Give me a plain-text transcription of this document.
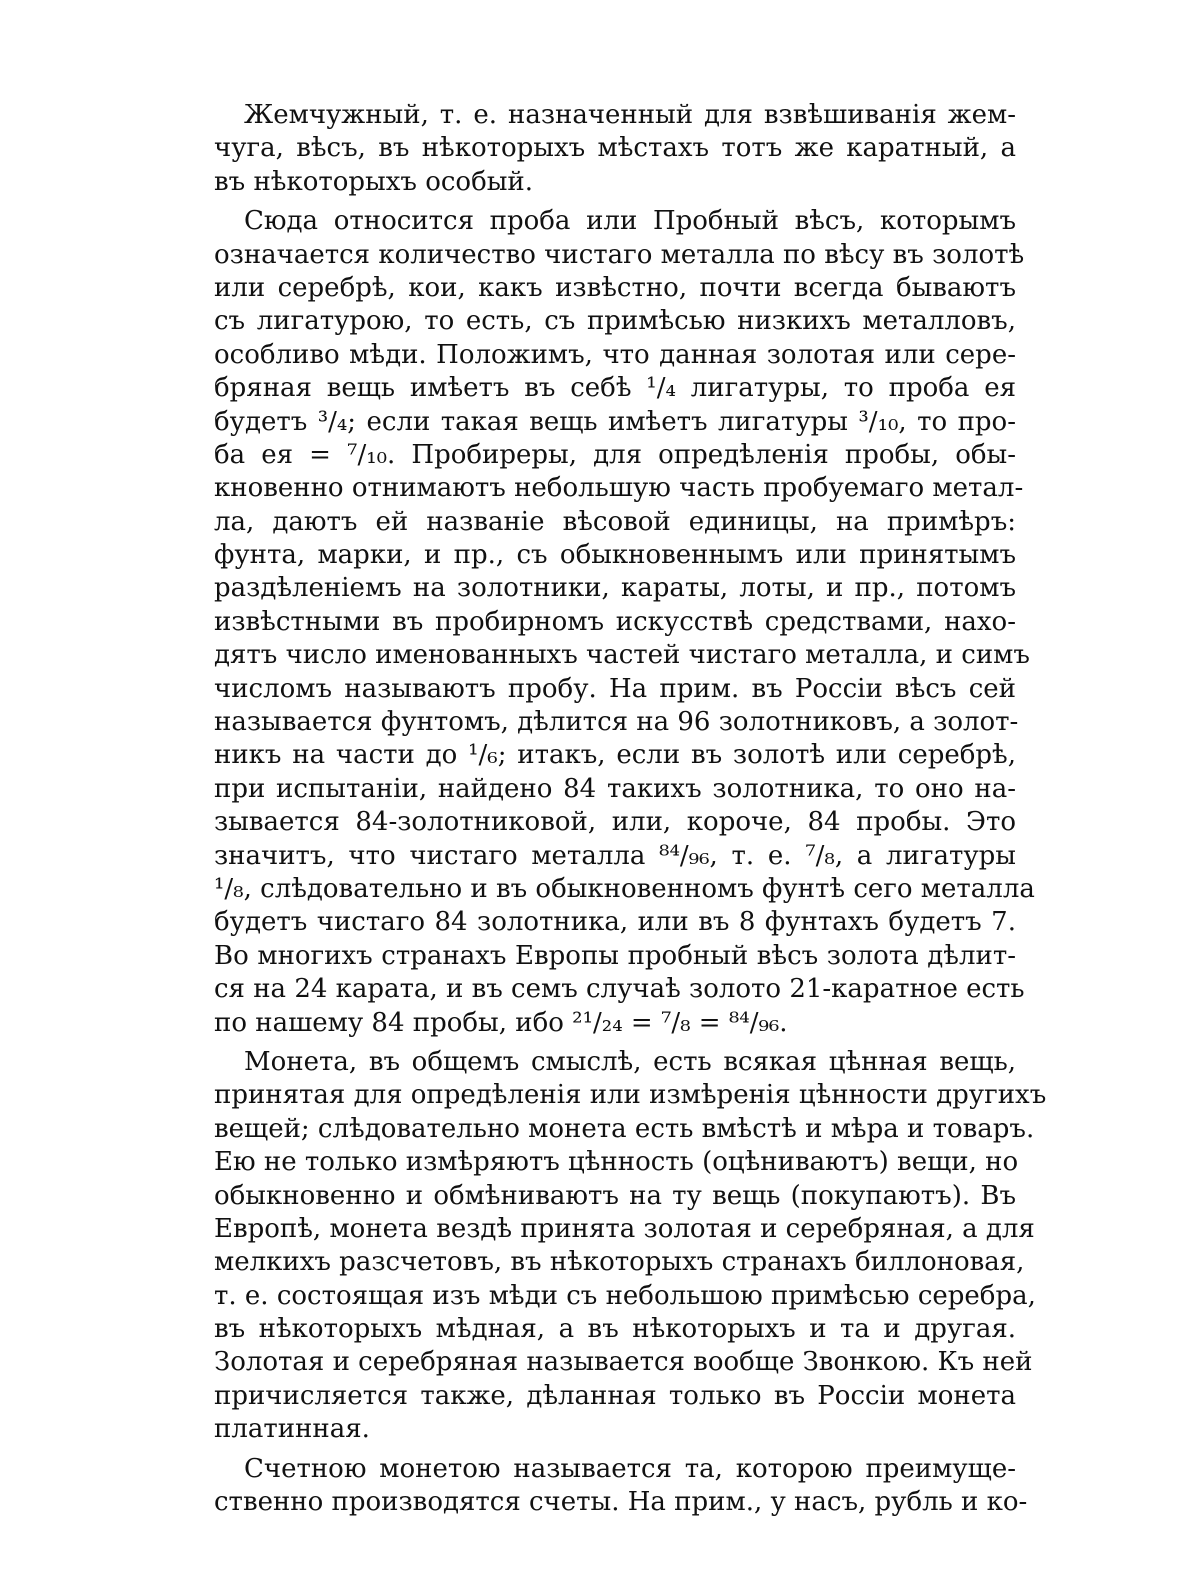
Жемчужный, т. е. назначенный для взвѣшиванія жем-
чуга, вѣсъ, въ нѣкоторыхъ мѣстахъ тотъ же каратный, а
въ нѣкоторыхъ особый.
Сюда относится проба или Пробный вѣсъ, которымъ
означается количество чистаго металла по вѣсу въ золотѣ
или серебрѣ, кои, какъ извѣстно, почти всегда бываютъ
съ лигатурою, то есть, съ примѣсью низкихъ металловъ,
особливо мѣди. Положимъ, что данная золотая или сере-
бряная вещь имѣетъ въ себѣ ¹/₄ лигатуры, то проба ея
будетъ ³/₄; если такая вещь имѣетъ лигатуры ³/₁₀, то про-
ба ея = ⁷/₁₀. Пробиреры, для опредѣленія пробы, обы-
кновенно отнимаютъ небольшую часть пробуемаго метал-
ла, даютъ ей названіе вѣсовой единицы, на примѣръ:
фунта, марки, и пр., съ обыкновеннымъ или принятымъ
раздѣленіемъ на золотники, караты, лоты, и пр., потомъ
извѣстными въ пробирномъ искусствѣ средствами, нахо-
дятъ число именованныхъ частей чистаго металла, и симъ
числомъ называютъ пробу. На прим. въ Россіи вѣсъ сей
называется фунтомъ, дѣлится на 96 золотниковъ, а золот-
никъ на части до ¹/₆; итакъ, если въ золотѣ или серебрѣ,
при испытаніи, найдено 84 такихъ золотника, то оно на-
зывается 84-золотниковой, или, короче, 84 пробы. Это
значитъ, что чистаго металла ⁸⁴/₉₆, т. е. ⁷/₈, а лигатуры
¹/₈, слѣдовательно и въ обыкновенномъ фунтѣ сего металла
будетъ чистаго 84 золотника, или въ 8 фунтахъ будетъ 7.
Во многихъ странахъ Европы пробный вѣсъ золота дѣлит-
ся на 24 карата, и въ семъ случаѣ золото 21-каратное есть
по нашему 84 пробы, ибо ²¹/₂₄ = ⁷/₈ = ⁸⁴/₉₆.
Монета, въ общемъ смыслѣ, есть всякая цѣнная вещь,
принятая для опредѣленія или измѣренія цѣнности другихъ
вещей; слѣдовательно монета есть вмѣстѣ и мѣра и товаръ.
Ею не только измѣряютъ цѣнность (оцѣниваютъ) вещи, но
обыкновенно и обмѣниваютъ на ту вещь (покупаютъ). Въ
Европѣ, монета вездѣ принята золотая и серебряная, а для
мелкихъ разсчетовъ, въ нѣкоторыхъ странахъ биллоновая,
т. е. состоящая изъ мѣди съ небольшою примѣсью серебра,
въ нѣкоторыхъ мѣдная, а въ нѣкоторыхъ и та и другая.
Золотая и серебряная называется вообще Звонкою. Къ ней
причисляется также, дѣланная только въ Россіи монета
платинная.
Счетною монетою называется та, которою преимуще-
ственно производятся счеты. На прим., у насъ, рубль и ко-
